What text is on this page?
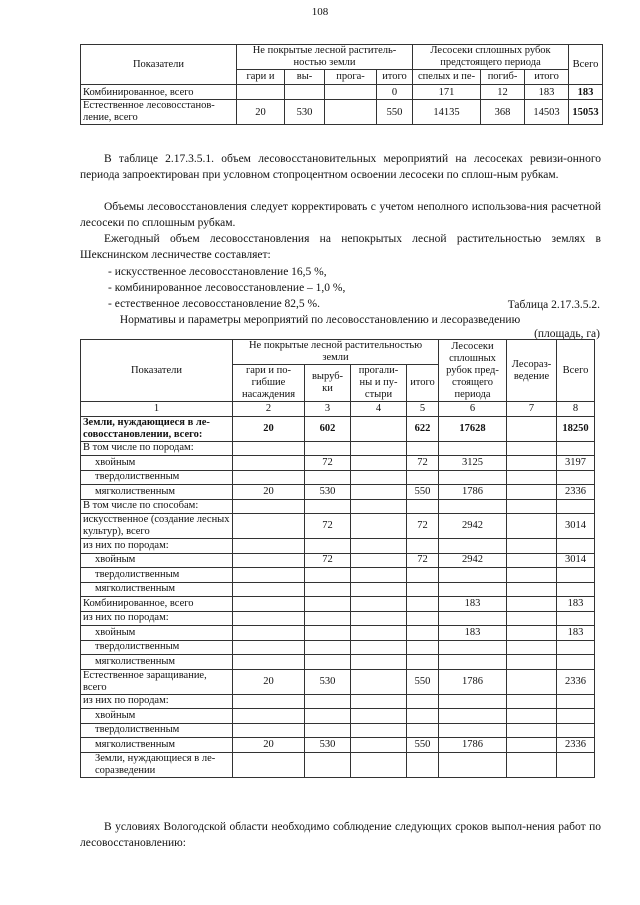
108
Показатели	Не покрытые лесной раститель-ностью земли				Лесосеки сплошных рубок предстоящего периода			Всего
	гари и	вы-	прога-	итого	спелых и пе-	погиб-	итого	
Комбинированное, всего				0	171	12	183	183
Естественное лесовосстанов-ление, всего	20	530		550	14135	368	14503	15053

В таблице 2.17.3.5.1. объем лесовосстановительных мероприятий на лесосеках ревизи-онного периода запроектирован при условном стопроцентном освоении лесосеки по сплош-ным рубкам.

Объемы лесовосстановления следует корректировать с учетом неполного использова-ния расчетной лесосеки по сплошным рубкам.

Ежегодный объем лесовосстановления на непокрытых лесной растительностью землях в Шекснинском лесничестве составляет:

- искусственное лесовосстановление 16,5 %,
- комбинированное лесовосстановление – 1,0 %,
- естественное лесовосстановление 82,5 %.	Таблица 2.17.3.5.2.
Нормативы и параметры мероприятий по лесовосстановлению и лесоразведению
(площадь, га)
Показатели	Не покрытые лесной растительностью земли				Лесосеки сплошных рубок пред-стоящего периода	Лесораз-ведение	Всего
	гари и по-гибшие насаждения	выруб-ки	прогали-ны и пу-стыри	итого			
1	2	3	4	5	6	7	8
Земли, нуждающиеся в ле-совосстановлении, всего:	20	602		622	17628		18250
В том числе по породам:							
хвойным		72		72	3125		3197
твердолиственным							
мягколиственным	20	530		550	1786		2336
В том числе по способам:							
искусственное (создание лесных культур), всего		72		72	2942		3014
из них по породам:							
хвойным		72		72	2942		3014
твердолиственным							
мягколиственным							
Комбинированное, всего					183		183
из них по породам:							
хвойным					183		183
твердолиственным							
мягколиственным							
Естественное заращивание, всего	20	530		550	1786		2336
из них по породам:							
хвойным							
твердолиственным							
мягколиственным	20	530		550	1786		2336
Земли, нуждающиеся в ле-соразведении							

В условиях Вологодской области необходимо соблюдение следующих сроков выпол-нения работ по лесовосстановлению:
